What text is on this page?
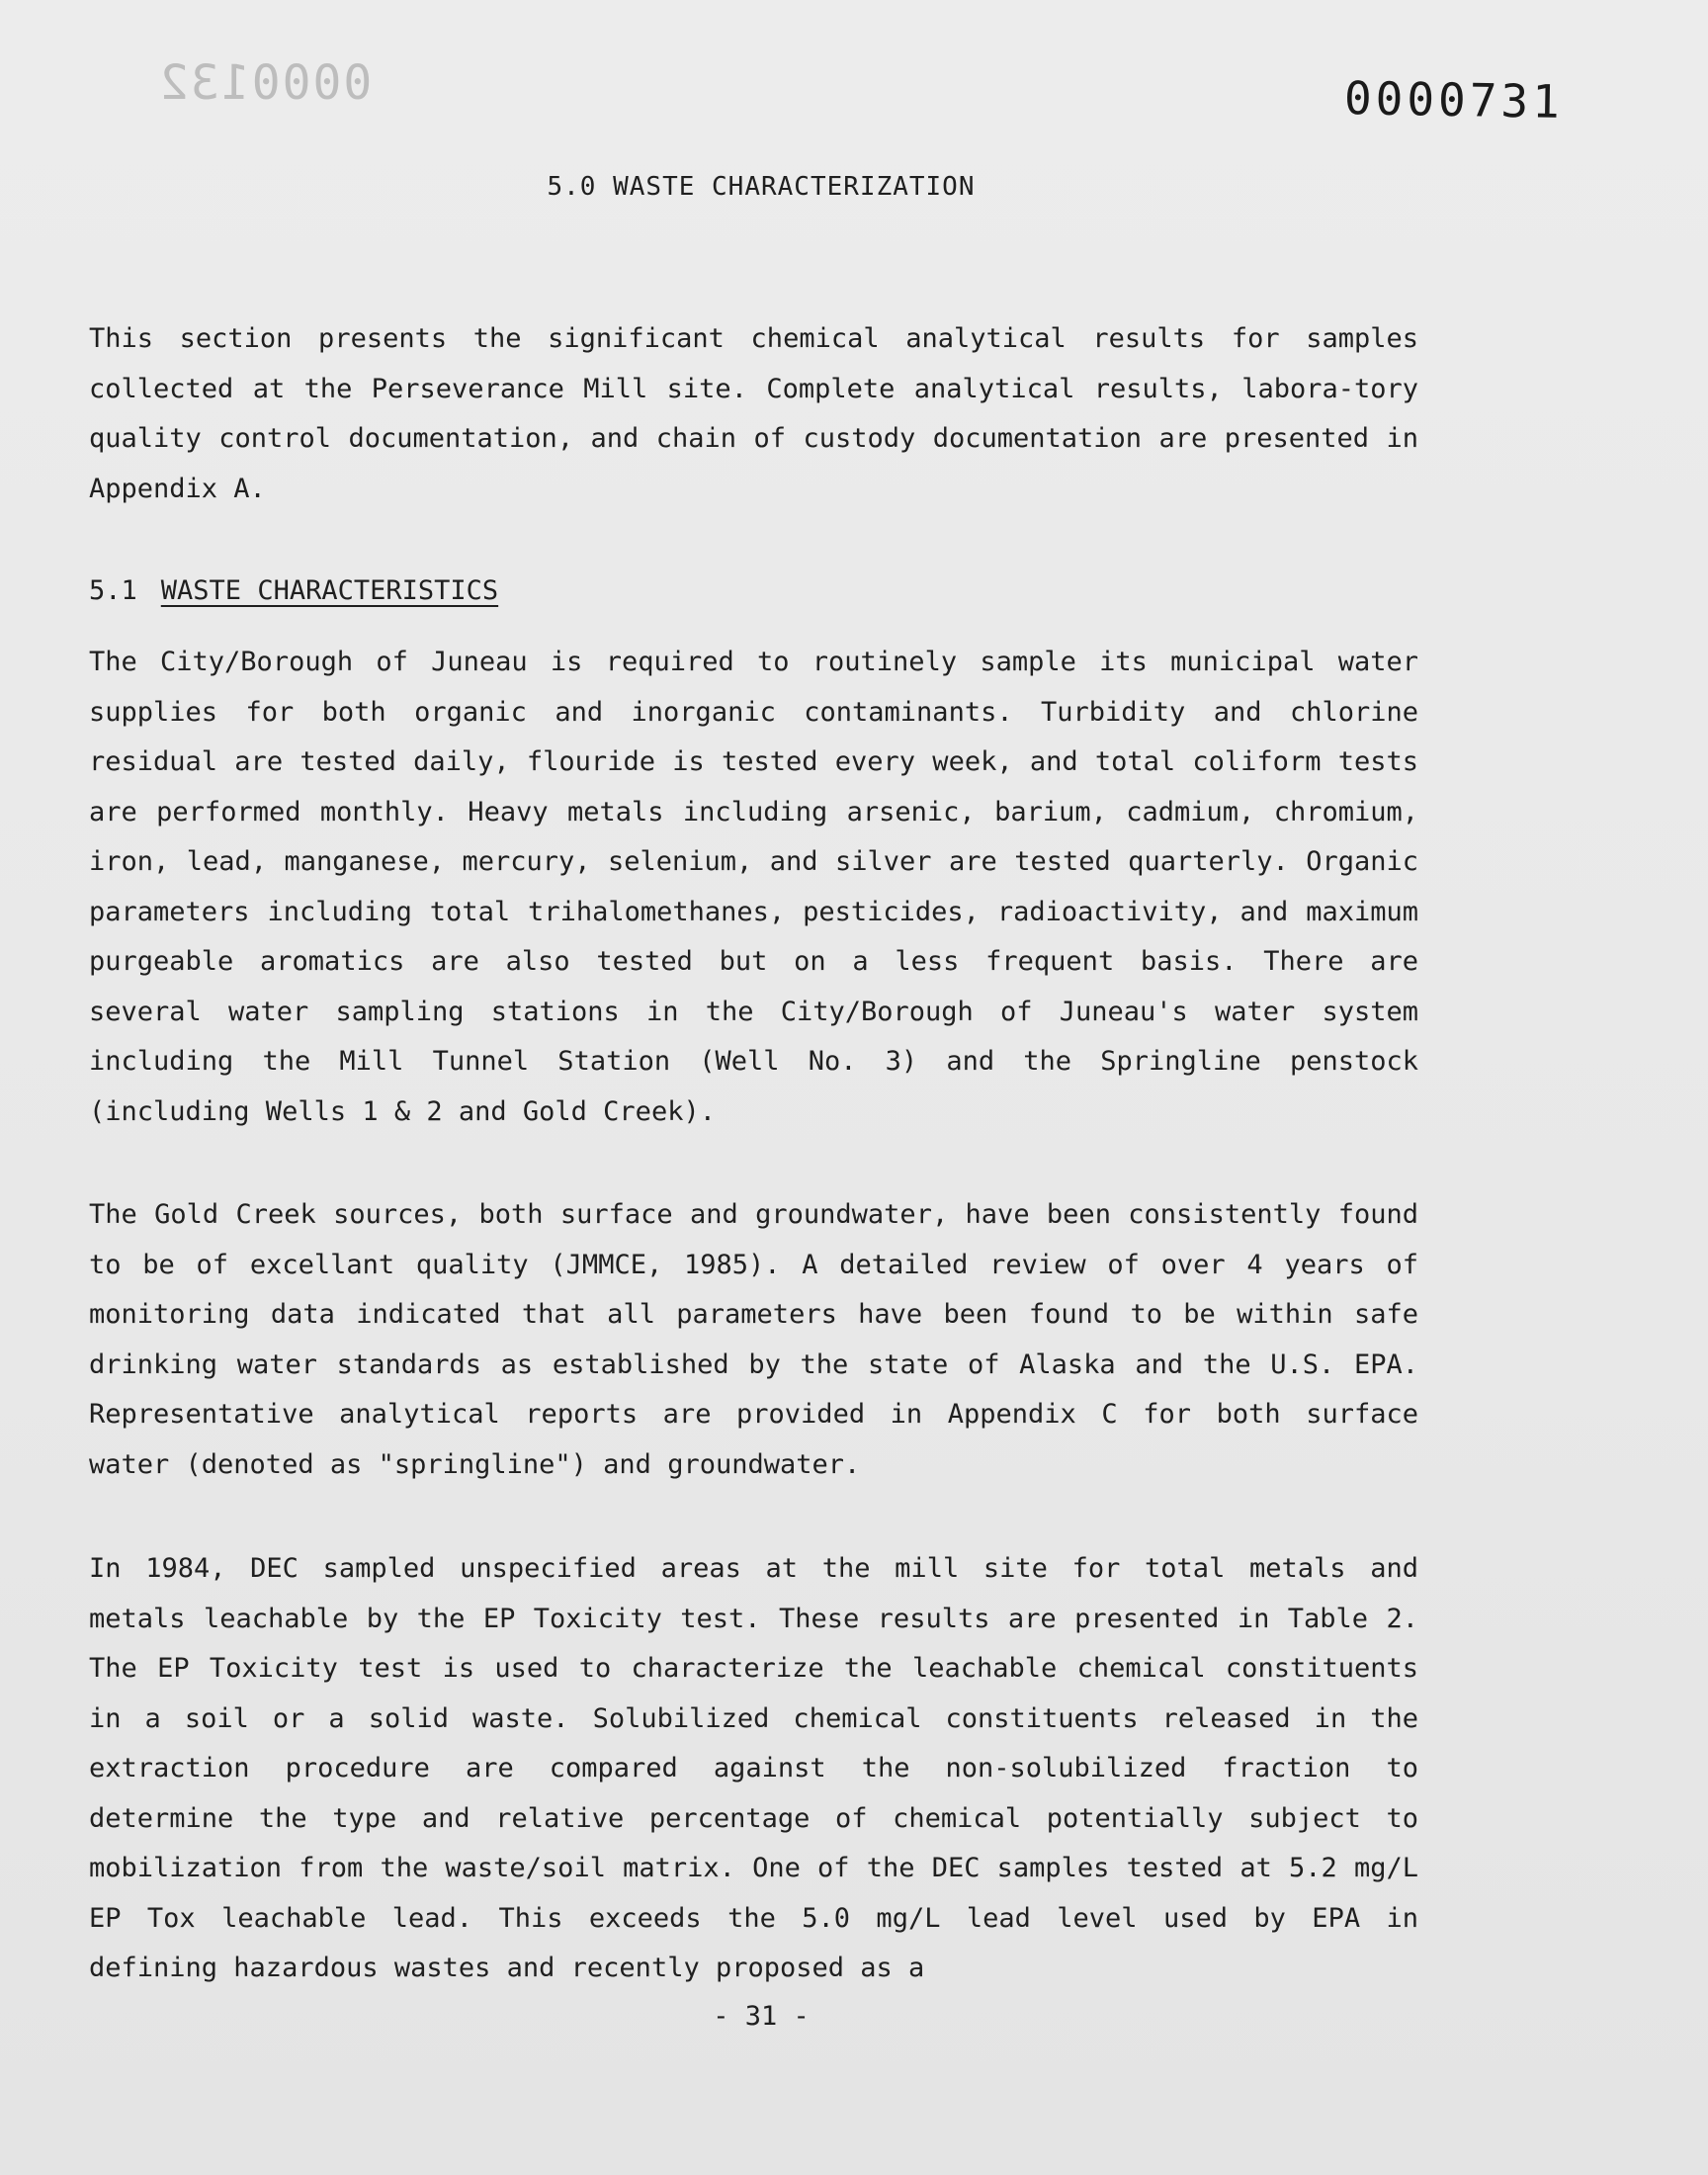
0000132	0000731
5.0 WASTE CHARACTERIZATION

This section presents the significant chemical analytical results for samples collected at the Perseverance Mill site. Complete analytical results, labora-tory quality control documentation, and chain of custody documentation are presented in Appendix A.

5.1 WASTE CHARACTERISTICS

The City/Borough of Juneau is required to routinely sample its municipal water supplies for both organic and inorganic contaminants. Turbidity and chlorine residual are tested daily, flouride is tested every week, and total coliform tests are performed monthly. Heavy metals including arsenic, barium, cadmium, chromium, iron, lead, manganese, mercury, selenium, and silver are tested quarterly. Organic parameters including total trihalomethanes, pesticides, radioactivity, and maximum purgeable aromatics are also tested but on a less frequent basis. There are several water sampling stations in the City/Borough of Juneau's water system including the Mill Tunnel Station (Well No. 3) and the Springline penstock (including Wells 1 & 2 and Gold Creek).

The Gold Creek sources, both surface and groundwater, have been consistently found to be of excellant quality (JMMCE, 1985). A detailed review of over 4 years of monitoring data indicated that all parameters have been found to be within safe drinking water standards as established by the state of Alaska and the U.S. EPA. Representative analytical reports are provided in Appendix C for both surface water (denoted as "springline") and groundwater.

In 1984, DEC sampled unspecified areas at the mill site for total metals and metals leachable by the EP Toxicity test. These results are presented in Table 2. The EP Toxicity test is used to characterize the leachable chemical constituents in a soil or a solid waste. Solubilized chemical constituents released in the extraction procedure are compared against the non-solubilized fraction to determine the type and relative percentage of chemical potentially subject to mobilization from the waste/soil matrix. One of the DEC samples tested at 5.2 mg/L EP Tox leachable lead. This exceeds the 5.0 mg/L lead level used by EPA in defining hazardous wastes and recently proposed as a

- 31 -
